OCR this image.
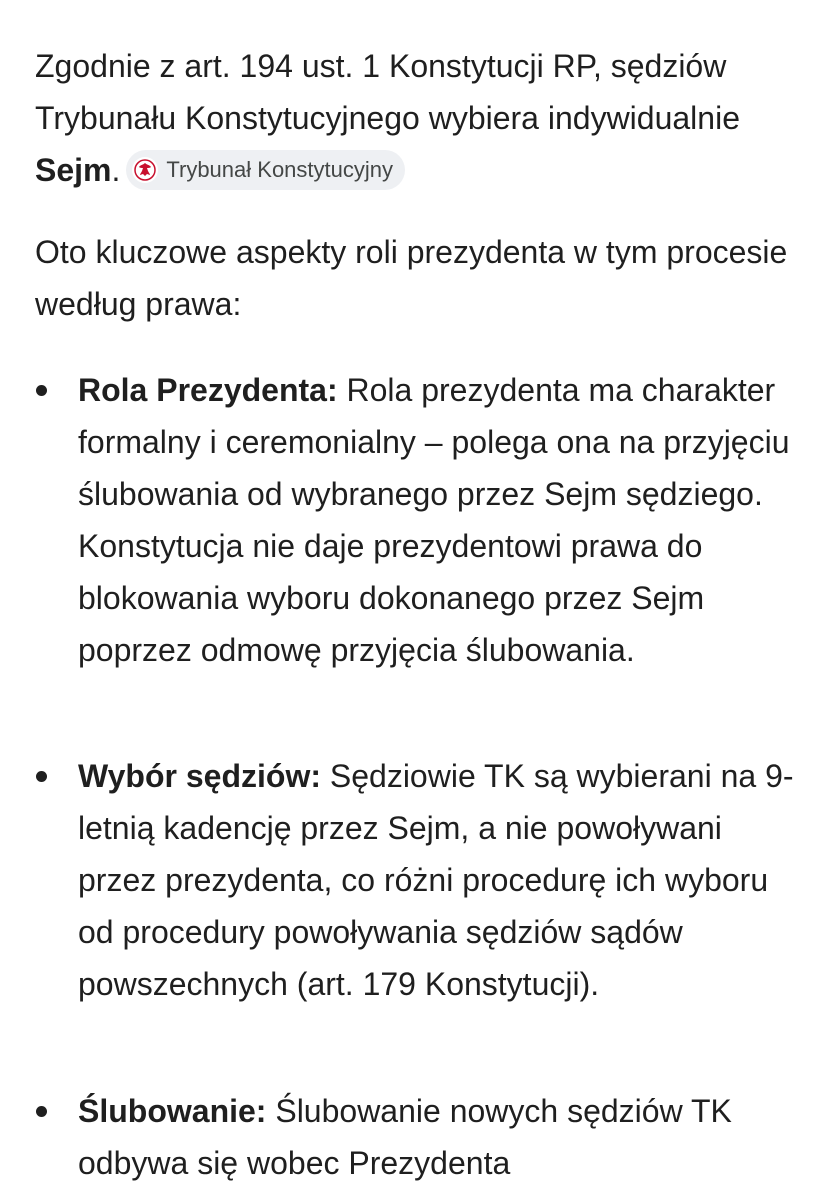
Zgodnie z art. 194 ust. 1 Konstytucji RP, sędziów Trybunału Konstytucyjnego wybiera indywidualnie Sejm. Trybunał Konstytucyjny

Oto kluczowe aspekty roli prezydenta w tym procesie według prawa:

Rola Prezydenta: Rola prezydenta ma charakter formalny i ceremonialny – polega ona na przyjęciu ślubowania od wybranego przez Sejm sędziego. Konstytucja nie daje prezydentowi prawa do blokowania wyboru dokonanego przez Sejm poprzez odmowę przyjęcia ślubowania.

Wybór sędziów: Sędziowie TK są wybierani na 9-letnią kadencję przez Sejm, a nie powoływani przez prezydenta, co różni procedurę ich wyboru od procedury powoływania sędziów sądów powszechnych (art. 179 Konstytucji).

Ślubowanie: Ślubowanie nowych sędziów TK odbywa się wobec Prezydenta
